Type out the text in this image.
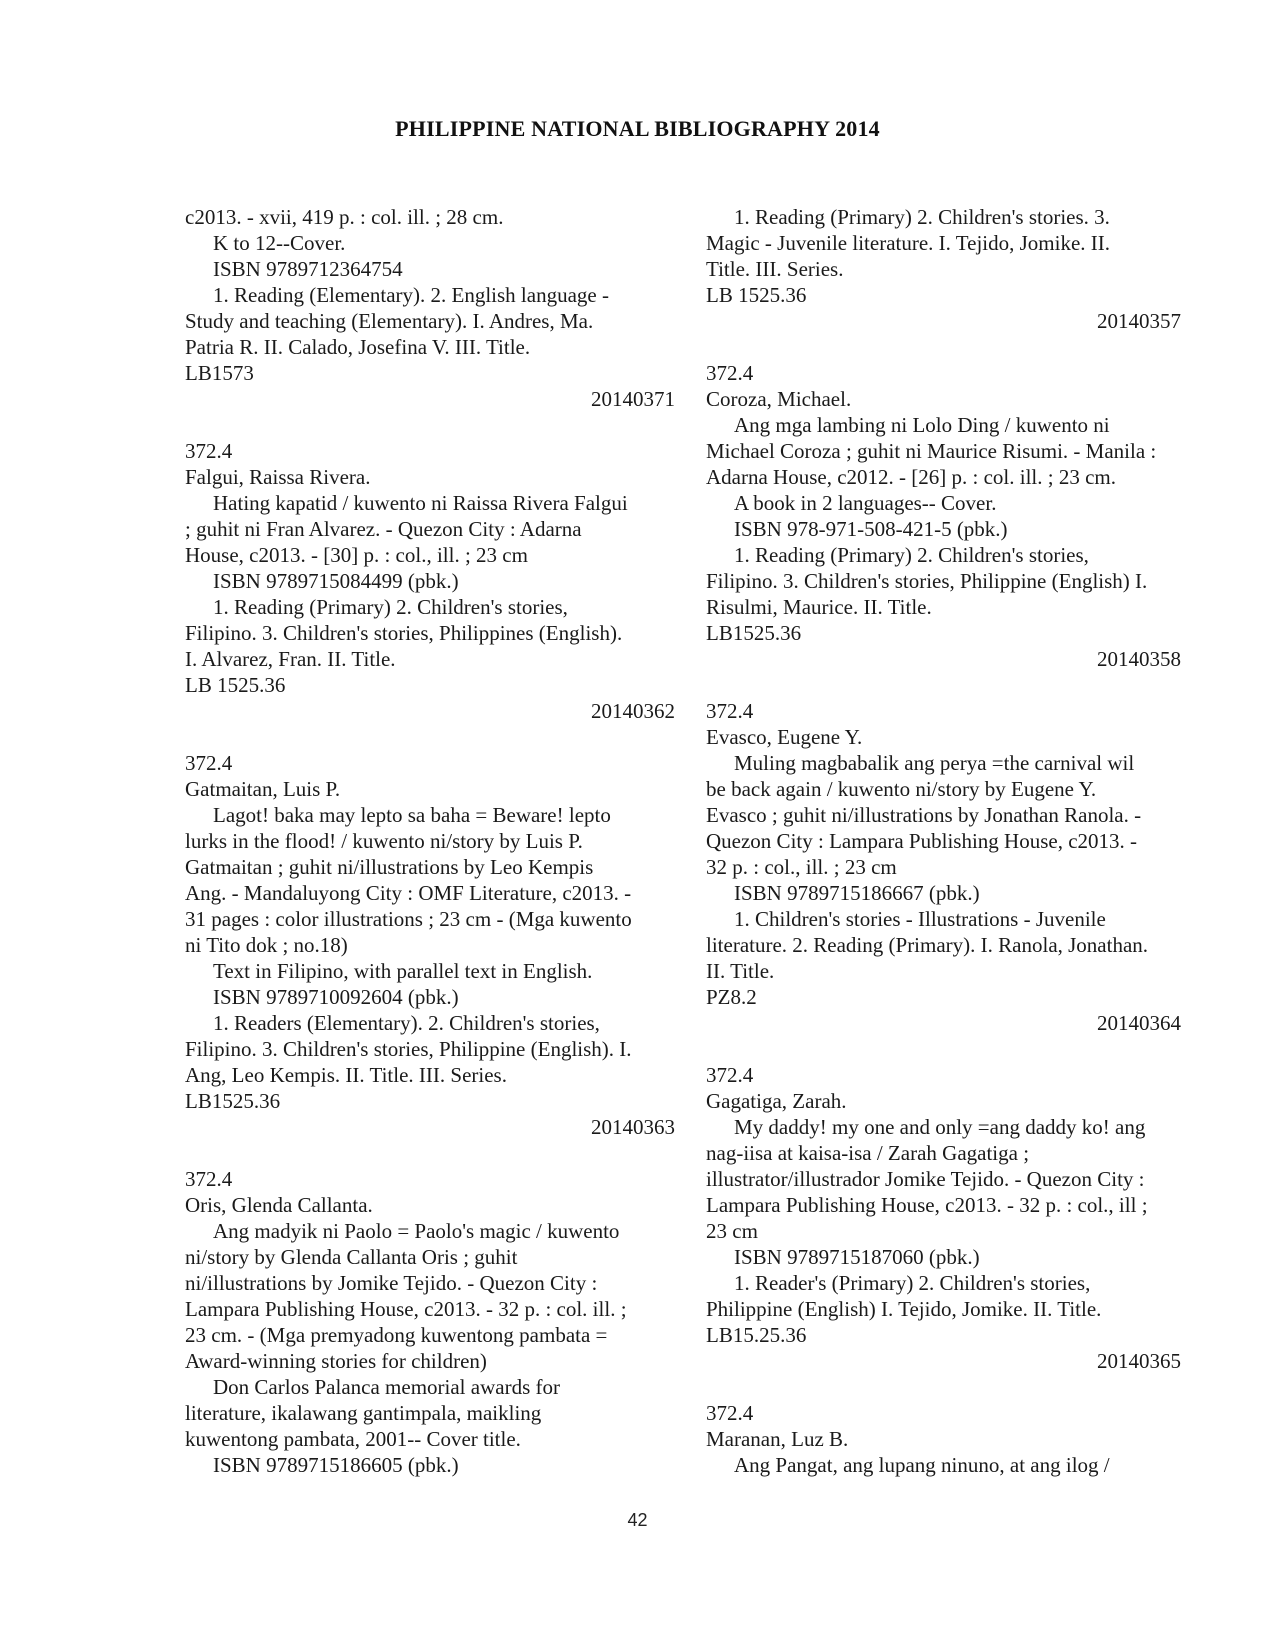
PHILIPPINE NATIONAL BIBLIOGRAPHY 2014
c2013. - xvii, 419 p. : col. ill. ; 28 cm.
K to 12--Cover.
ISBN 9789712364754
1. Reading (Elementary). 2. English language -
Study and teaching (Elementary). I. Andres, Ma.
Patria R. II. Calado, Josefina V. III. Title.
LB1573
20140371
372.4
Falgui, Raissa Rivera.
Hating kapatid / kuwento ni Raissa Rivera Falgui
; guhit ni Fran Alvarez. - Quezon City : Adarna
House, c2013. - [30] p. : col., ill. ; 23 cm
ISBN 9789715084499 (pbk.)
1. Reading (Primary) 2. Children's stories,
Filipino. 3. Children's stories, Philippines (English).
I. Alvarez, Fran. II. Title.
LB 1525.36
20140362
372.4
Gatmaitan, Luis P.
Lagot! baka may lepto sa baha = Beware! lepto
lurks in the flood! / kuwento ni/story by Luis P.
Gatmaitan ; guhit ni/illustrations by Leo Kempis
Ang. - Mandaluyong City : OMF Literature, c2013. -
31 pages : color illustrations ; 23 cm - (Mga kuwento
ni Tito dok ; no.18)
Text in Filipino, with parallel text in English.
ISBN 9789710092604 (pbk.)
1. Readers (Elementary). 2. Children's stories,
Filipino. 3. Children's stories, Philippine (English). I.
Ang, Leo Kempis. II. Title. III. Series.
LB1525.36
20140363
372.4
Oris, Glenda Callanta.
Ang madyik ni Paolo = Paolo's magic / kuwento
ni/story by Glenda Callanta Oris ; guhit
ni/illustrations by Jomike Tejido. - Quezon City :
Lampara Publishing House, c2013. - 32 p. : col. ill. ;
23 cm. - (Mga premyadong kuwentong pambata =
Award-winning stories for children)
Don Carlos Palanca memorial awards for
literature, ikalawang gantimpala, maikling
kuwentong pambata, 2001-- Cover title.
ISBN 9789715186605 (pbk.)
1. Reading (Primary) 2. Children's stories. 3.
Magic - Juvenile literature. I. Tejido, Jomike. II.
Title. III. Series.
LB 1525.36
20140357
372.4
Coroza, Michael.
Ang mga lambing ni Lolo Ding / kuwento ni
Michael Coroza ; guhit ni Maurice Risumi. - Manila :
Adarna House, c2012. - [26] p. : col. ill. ; 23 cm.
A book in 2 languages-- Cover.
ISBN 978-971-508-421-5 (pbk.)
1. Reading (Primary) 2. Children's stories,
Filipino. 3. Children's stories, Philippine (English) I.
Risulmi, Maurice. II. Title.
LB1525.36
20140358
372.4
Evasco, Eugene Y.
Muling magbabalik ang perya =the carnival wil
be back again / kuwento ni/story by Eugene Y.
Evasco ; guhit ni/illustrations by Jonathan Ranola. -
Quezon City : Lampara Publishing House, c2013. -
32 p. : col., ill. ; 23 cm
ISBN 9789715186667 (pbk.)
1. Children's stories - Illustrations - Juvenile
literature. 2. Reading (Primary). I. Ranola, Jonathan.
II. Title.
PZ8.2
20140364
372.4
Gagatiga, Zarah.
My daddy! my one and only =ang daddy ko! ang
nag-iisa at kaisa-isa / Zarah Gagatiga ;
illustrator/illustrador Jomike Tejido. - Quezon City :
Lampara Publishing House, c2013. - 32 p. : col., ill ;
23 cm
ISBN 9789715187060 (pbk.)
1. Reader's (Primary) 2. Children's stories,
Philippine (English) I. Tejido, Jomike. II. Title.
LB15.25.36
20140365
372.4
Maranan, Luz B.
Ang Pangat, ang lupang ninuno, at ang ilog /
42
